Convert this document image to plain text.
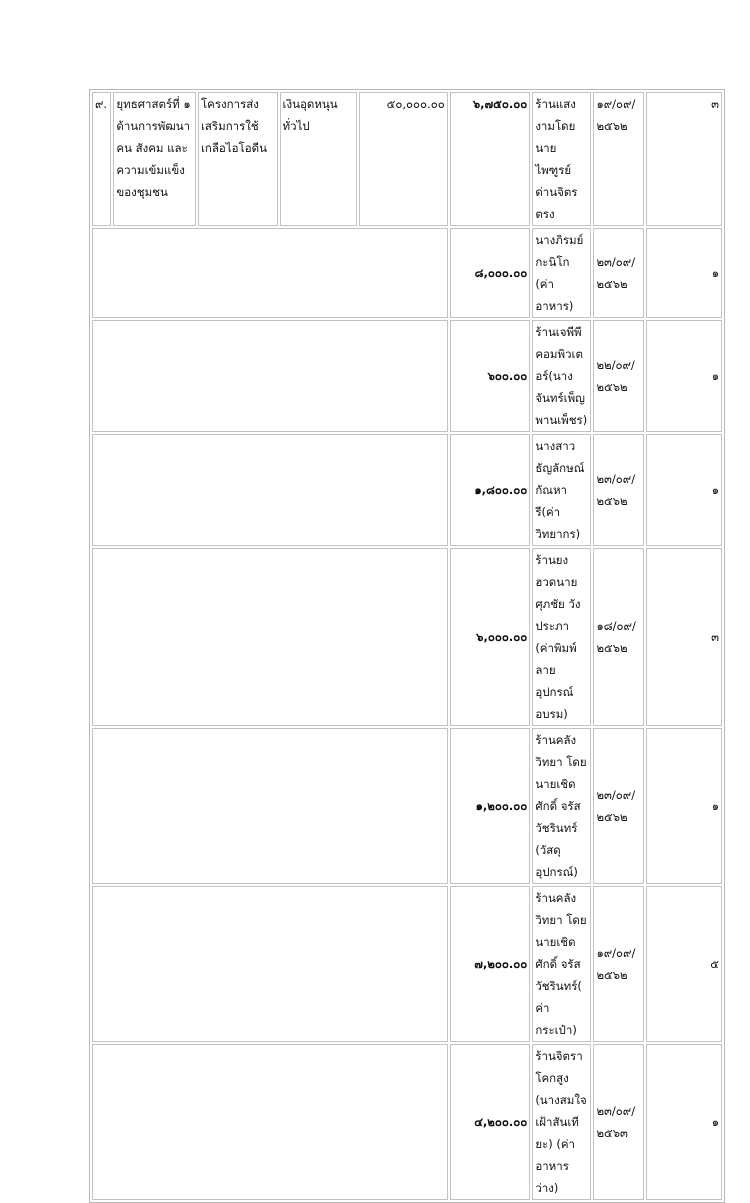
๙.	ยุทธศาสตร์ที่ ๑ ด้านการพัฒนาคน สังคม และความเข้มแข็งของชุมชน	โครงการส่งเสริมการใช้เกลือไอโอดีน	เงินอุดหนุนทั่วไป	๕๐,๐๐๐.๐๐	๖,๗๕๐.๐๐	ร้านแสงงามโดยนายไพฑูรย์ ด่านจิตรตรง	๑๙/๐๙/๒๕๖๒	๓
					๘,๐๐๐.๐๐	นางภิรมย์ กะนิโก (ค่าอาหาร)	๒๓/๐๙/๒๕๖๒	๑
					๖๐๐.๐๐	ร้านเจพีพีคอมพิวเตอร์(นางจันทร์เพ็ญ พานเพ็ชร)	๒๒/๐๙/๒๕๖๒	๑
					๑,๘๐๐.๐๐	นางสาวธัญลักษณ์ กัณหารี(ค่าวิทยากร)	๒๓/๐๙/๒๕๖๒	๑
					๖,๐๐๐.๐๐	ร้านยงฮวดนายศุภชัย วังประภา (ค่าพิมพ์ลายอุปกรณ์อบรม)	๑๘/๐๙/๒๕๖๒	๓
					๑,๒๐๐.๐๐	ร้านคลังวิทยา โดยนายเชิดศักดิ์ จรัสวัชรินทร์ (วัสดุอุปกรณ์)	๒๓/๐๙/๒๕๖๒	๑
					๗,๒๐๐.๐๐	ร้านคลังวิทยา โดยนายเชิดศักดิ์ จรัสวัชรินทร์(ค่ากระเป๋า)	๑๙/๐๙/๒๕๖๒	๕
					๔,๒๐๐.๐๐	ร้านจิตราโคกสูง (นางสมใจ เฝ้าสันเทียะ) (ค่าอาหารว่าง)	๒๓/๐๙/๒๕๖๓	๑
